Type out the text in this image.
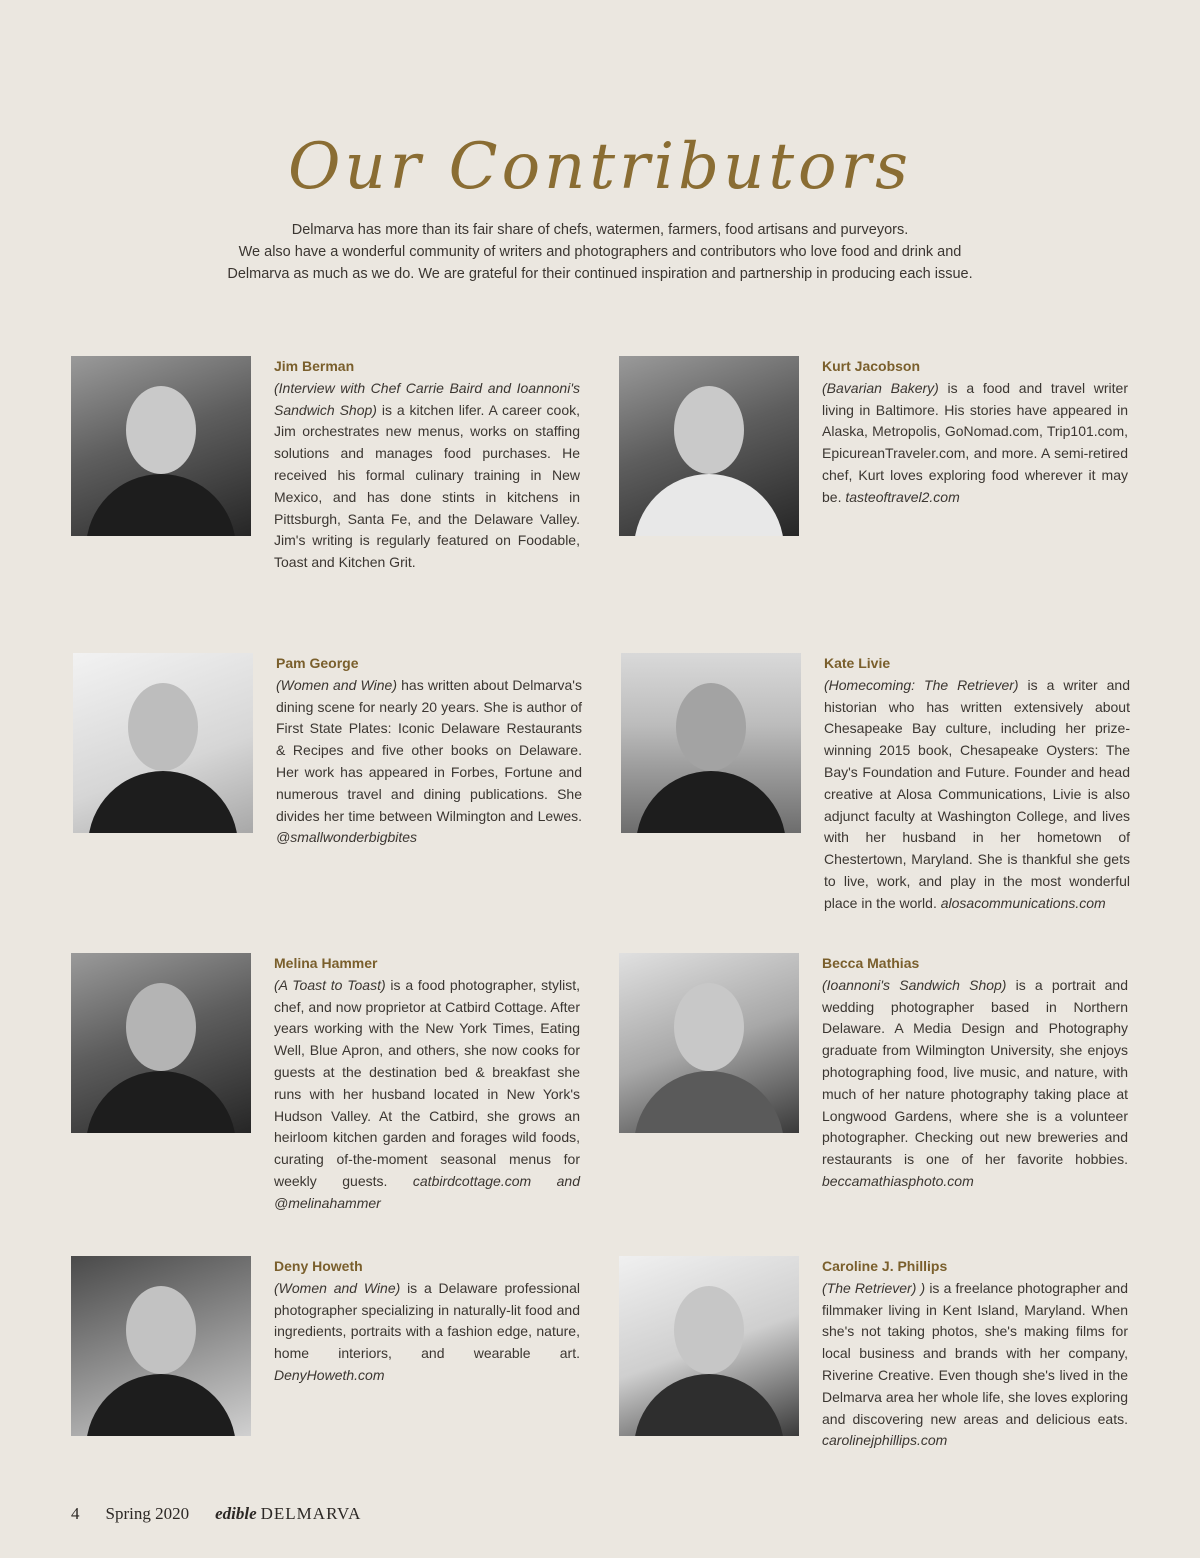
Our Contributors

Delmarva has more than its fair share of chefs, watermen, farmers, food artisans and purveyors.

We also have a wonderful community of writers and photographers and contributors who love food and drink and

Delmarva as much as we do. We are grateful for their continued inspiration and partnership in producing each issue.

Jim Berman
(Interview with Chef Carrie Baird and Ioannoni's Sandwich Shop) is a kitchen lifer. A career cook, Jim orchestrates new menus, works on staffing solutions and manages food purchases. He received his formal culinary training in New Mexico, and has done stints in kitchens in Pittsburgh, Santa Fe, and the Delaware Valley. Jim's writing is regularly featured on Foodable, Toast and Kitchen Grit.
Kurt Jacobson
(Bavarian Bakery) is a food and travel writer living in Baltimore. His stories have appeared in Alaska, Metropolis, GoNomad.com, Trip101.com, EpicureanTraveler.com, and more. A semi-retired chef, Kurt loves exploring food wherever it may be. tasteoftravel2.com
Pam George
(Women and Wine) has written about Delmarva's dining scene for nearly 20 years. She is author of First State Plates: Iconic Delaware Restaurants & Recipes and five other books on Delaware. Her work has appeared in Forbes, Fortune and numerous travel and dining publications. She divides her time between Wilmington and Lewes. @smallwonderbigbites
Kate Livie
(Homecoming: The Retriever) is a writer and historian who has written extensively about Chesapeake Bay culture, including her prize-winning 2015 book, Chesapeake Oysters: The Bay's Foundation and Future. Founder and head creative at Alosa Communications, Livie is also adjunct faculty at Washington College, and lives with her husband in her hometown of Chestertown, Maryland. She is thankful she gets to live, work, and play in the most wonderful place in the world. alosacommunications.com
Melina Hammer
(A Toast to Toast) is a food photographer, stylist, chef, and now proprietor at Catbird Cottage. After years working with the New York Times, Eating Well, Blue Apron, and others, she now cooks for guests at the destination bed & breakfast she runs with her husband located in New York's Hudson Valley. At the Catbird, she grows an heirloom kitchen garden and forages wild foods, curating of-the-moment seasonal menus for weekly guests. catbirdcottage.com and @melinahammer
Becca Mathias
(Ioannoni's Sandwich Shop) is a portrait and wedding photographer based in Northern Delaware. A Media Design and Photography graduate from Wilmington University, she enjoys photographing food, live music, and nature, with much of her nature photography taking place at Longwood Gardens, where she is a volunteer photographer. Checking out new breweries and restaurants is one of her favorite hobbies. beccamathiasphoto.com
Deny Howeth
(Women and Wine) is a Delaware professional photographer specializing in naturally-lit food and ingredients, portraits with a fashion edge, nature, home interiors, and wearable art. DenyHoweth.com
Caroline J. Phillips
(The Retriever) ) is a freelance photographer and filmmaker living in Kent Island, Maryland. When she's not taking photos, she's making films for local business and brands with her company, Riverine Creative. Even though she's lived in the Delmarva area her whole life, she loves exploring and discovering new areas and delicious eats. carolinejphillips.com
4 Spring 2020 edible DELMARVA
